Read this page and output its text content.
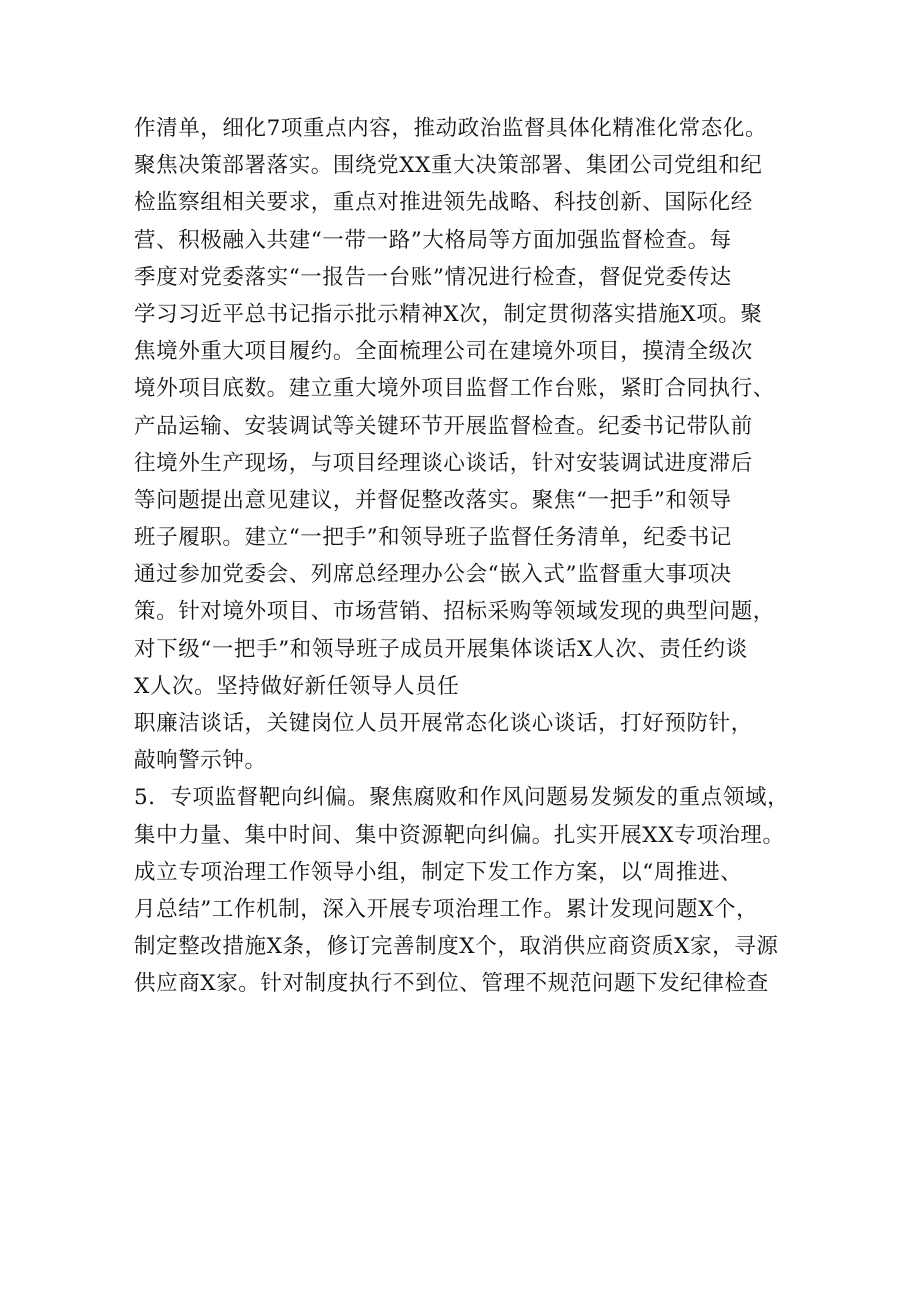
作清单，细化7项重点内容，推动政治监督具体化精准化常态化。
聚焦决策部署落实。围绕党XX重大决策部署、集团公司党组和纪
检监察组相关要求，重点对推进领先战略、科技创新、国际化经
营、积极融入共建“一带一路”大格局等方面加强监督检查。每
季度对党委落实“一报告一台账”情况进行检查，督促党委传达
学习习近平总书记指示批示精神X次，制定贯彻落实措施X项。聚
焦境外重大项目履约。全面梳理公司在建境外项目，摸清全级次
境外项目底数。建立重大境外项目监督工作台账，紧盯合同执行、
产品运输、安装调试等关键环节开展监督检查。纪委书记带队前
往境外生产现场，与项目经理谈心谈话，针对安装调试进度滞后
等问题提出意见建议，并督促整改落实。聚焦“一把手”和领导
班子履职。建立“一把手”和领导班子监督任务清单，纪委书记
通过参加党委会、列席总经理办公会“嵌入式”监督重大事项决
策。针对境外项目、市场营销、招标采购等领域发现的典型问题，
对下级“一把手”和领导班子成员开展集体谈话X人次、责任约谈
X人次。坚持做好新任领导人员任
职廉洁谈话，关键岗位人员开展常态化谈心谈话，打好预防针，
敲响警示钟。
5．专项监督靶向纠偏。聚焦腐败和作风问题易发频发的重点领域，
集中力量、集中时间、集中资源靶向纠偏。扎实开展XX专项治理。
成立专项治理工作领导小组，制定下发工作方案，以“周推进、
月总结”工作机制，深入开展专项治理工作。累计发现问题X个，
制定整改措施X条，修订完善制度X个，取消供应商资质X家，寻源
供应商X家。针对制度执行不到位、管理不规范问题下发纪律检查
